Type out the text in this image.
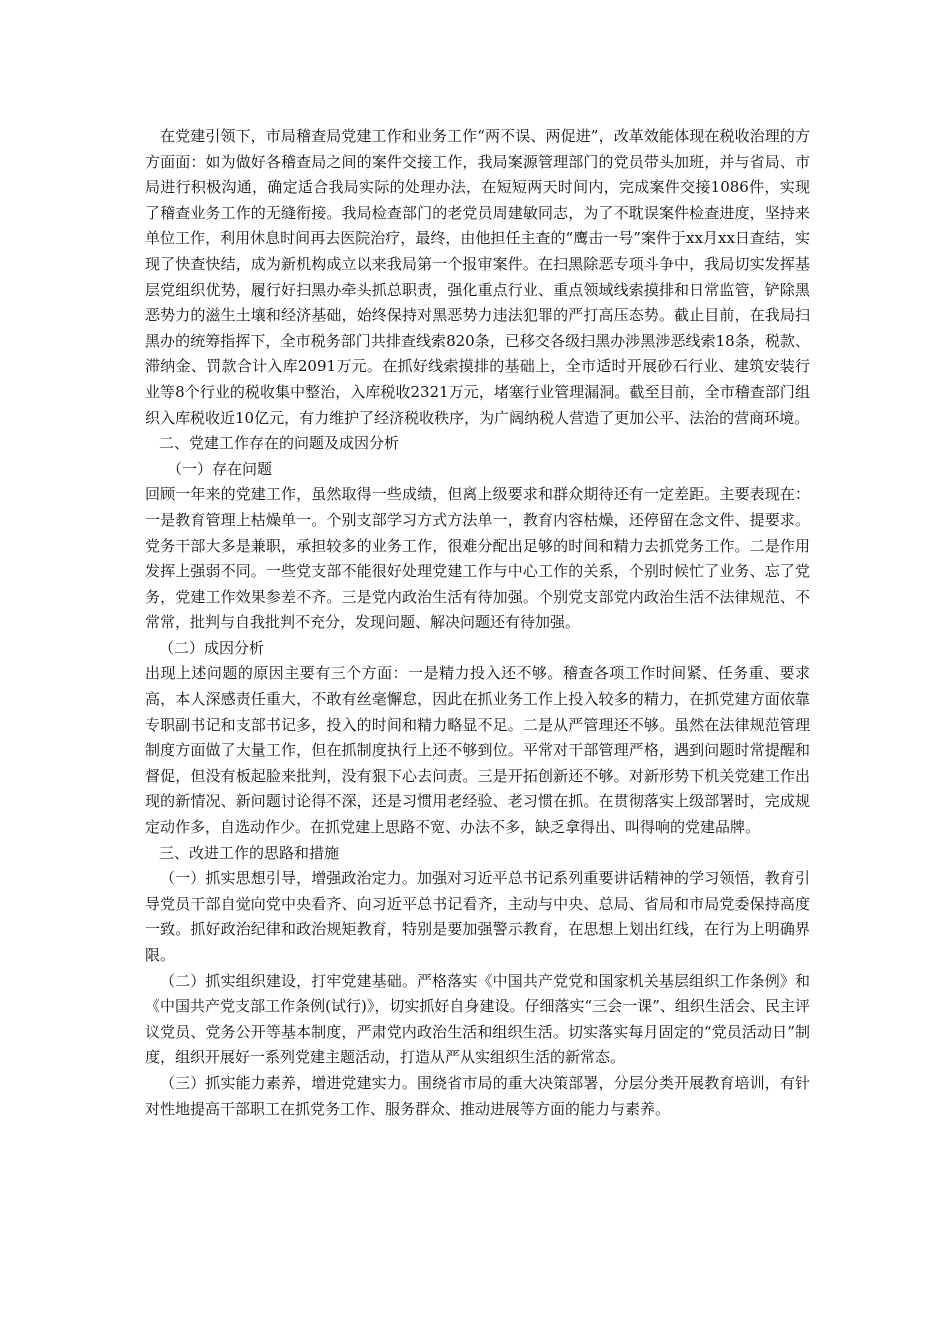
在党建引领下，市局稽查局党建工作和业务工作“两不误、两促进”，改革效能体现在税收治理的方方面面：如为做好各稽查局之间的案件交接工作，我局案源管理部门的党员带头加班，并与省局、市局进行积极沟通，确定适合我局实际的处理办法，在短短两天时间内，完成案件交接1086件，实现了稽查业务工作的无缝衔接。我局检查部门的老党员周建敏同志，为了不耽误案件检查进度，坚持来单位工作，利用休息时间再去医院治疗，最终，由他担任主查的“鹰击一号”案件于xx月xx日查结，实现了快查快结，成为新机构成立以来我局第一个报审案件。在扫黑除恶专项斗争中，我局切实发挥基层党组织优势，履行好扫黑办牵头抓总职责，强化重点行业、重点领域线索摸排和日常监管，铲除黑恶势力的滋生土壤和经济基础，始终保持对黑恶势力违法犯罪的严打高压态势。截止目前，在我局扫黑办的统筹指挥下，全市税务部门共排查线索820条，已移交各级扫黑办涉黑涉恶线索18条，税款、滞纳金、罚款合计入库2091万元。在抓好线索摸排的基础上，全市适时开展砂石行业、建筑安装行业等8个行业的税收集中整治，入库税收2321万元，堵塞行业管理漏洞。截至目前，全市稽查部门组织入库税收近10亿元，有力维护了经济税收秩序，为广阔纳税人营造了更加公平、法治的营商环境。

二、党建工作存在的问题及成因分析

（一）存在问题

回顾一年来的党建工作，虽然取得一些成绩，但离上级要求和群众期待还有一定差距。主要表现在：一是教育管理上枯燥单一。个别支部学习方式方法单一，教育内容枯燥，还停留在念文件、提要求。党务干部大多是兼职，承担较多的业务工作，很难分配出足够的时间和精力去抓党务工作。二是作用发挥上强弱不同。一些党支部不能很好处理党建工作与中心工作的关系，个别时候忙了业务、忘了党务，党建工作效果参差不齐。三是党内政治生活有待加强。个别党支部党内政治生活不法律规范、不常常，批判与自我批判不充分，发现问题、解决问题还有待加强。

（二）成因分析

出现上述问题的原因主要有三个方面：一是精力投入还不够。稽查各项工作时间紧、任务重、要求高，本人深感责任重大，不敢有丝毫懈怠，因此在抓业务工作上投入较多的精力，在抓党建方面依靠专职副书记和支部书记多，投入的时间和精力略显不足。二是从严管理还不够。虽然在法律规范管理制度方面做了大量工作，但在抓制度执行上还不够到位。平常对干部管理严格，遇到问题时常提醒和督促，但没有板起脸来批判，没有狠下心去问责。三是开拓创新还不够。对新形势下机关党建工作出现的新情况、新问题讨论得不深，还是习惯用老经验、老习惯在抓。在贯彻落实上级部署时，完成规定动作多，自选动作少。在抓党建上思路不宽、办法不多，缺乏拿得出、叫得响的党建品牌。

三、改进工作的思路和措施

（一）抓实思想引导，增强政治定力。加强对习近平总书记系列重要讲话精神的学习领悟，教育引导党员干部自觉向党中央看齐、向习近平总书记看齐，主动与中央、总局、省局和市局党委保持高度一致。抓好政治纪律和政治规矩教育，特别是要加强警示教育，在思想上划出红线，在行为上明确界限。

（二）抓实组织建设，打牢党建基础。严格落实《中国共产党党和国家机关基层组织工作条例》和《中国共产党支部工作条例(试行)》，切实抓好自身建设。仔细落实“三会一课”、组织生活会、民主评议党员、党务公开等基本制度，严肃党内政治生活和组织生活。切实落实每月固定的“党员活动日”制度，组织开展好一系列党建主题活动，打造从严从实组织生活的新常态。

（三）抓实能力素养，增进党建实力。围绕省市局的重大决策部署，分层分类开展教育培训，有针对性地提高干部职工在抓党务工作、服务群众、推动进展等方面的能力与素养。
